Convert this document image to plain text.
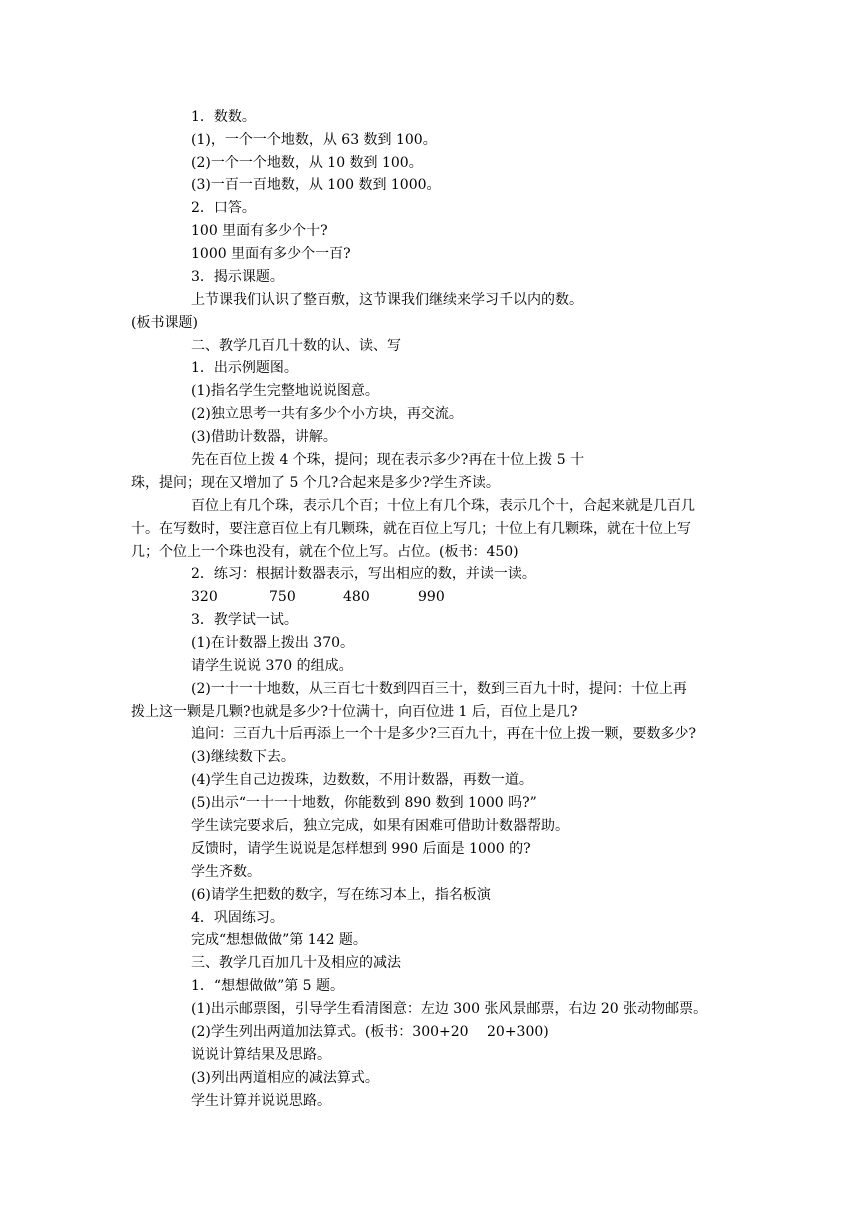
1．数数。
(1)，一个一个地数，从 63 数到 100。
(2)一个一个地数，从 10 数到 100。
(3)一百一百地数，从 100 数到 1000。
2．口答。
100 里面有多少个十?
1000 里面有多少个一百?
3．揭示课题。
上节课我们认识了整百敷，这节课我们继续来学习千以内的数。
(板书课题)
二、教学几百几十数的认、读、写
1．出示例题图。
(1)指名学生完整地说说图意。
(2)独立思考一共有多少个小方块，再交流。
(3)借助计数器，讲解。
先在百位上拨 4 个珠，提问；现在表示多少?再在十位上拨 5 十
珠，提问；现在又增加了 5 个几?合起来是多少?学生齐读。
百位上有几个珠，表示几个百；十位上有几个珠，表示几个十，合起来就是几百几
十。在写数时，要注意百位上有几颗珠，就在百位上写几；十位上有几颗珠，就在十位上写
几；个位上一个珠也没有，就在个位上写。占位。(板书：450)
2．练习：根据计数器表示，写出相应的数，并读一读。
320	750	480	990
3．教学试一试。
(1)在计数器上拨出 370。
请学生说说 370 的组成。
(2)一十一十地数，从三百七十数到四百三十，数到三百九十时，提问：十位上再
拨上这一颗是几颗?也就是多少?十位满十，向百位进 1 后，百位上是几?
追问：三百九十后再添上一个十是多少?三百九十，再在十位上拨一颗，要数多少?
(3)继续数下去。
(4)学生自己边拨珠，边数数，不用计数器，再数一道。
(5)出示“一十一十地数，你能数到 890 数到 1000 吗?”
学生读完要求后，独立完成，如果有困难可借助计数器帮助。
反馈时，请学生说说是怎样想到 990 后面是 1000 的?
学生齐数。
(6)请学生把数的数字，写在练习本上，指名板演
4．巩固练习。
完成“想想做做”第 142 题。
三、教学几百加几十及相应的减法
1．“想想做做”第 5 题。
(1)出示邮票图，引导学生看清图意：左边 300 张风景邮票，右边 20 张动物邮票。
(2)学生列出两道加法算式。(板书：300+20　 20+300)
说说计算结果及思路。
(3)列出两道相应的减法算式。
学生计算并说说思路。
